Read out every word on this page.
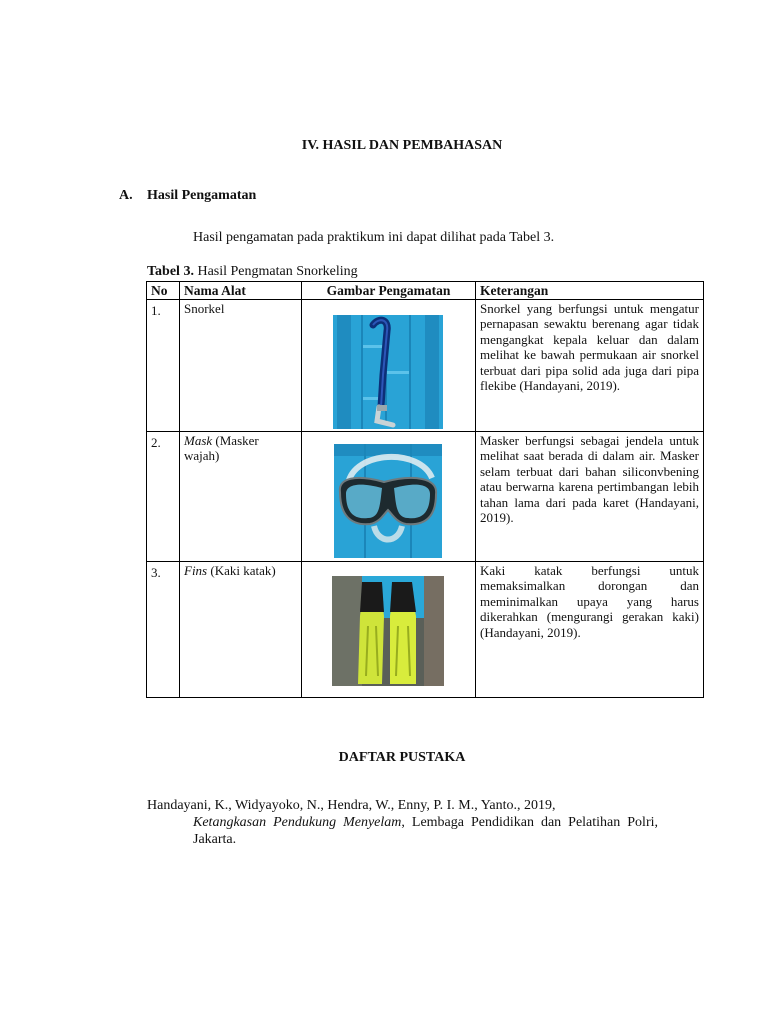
IV. HASIL DAN PEMBAHASAN
A. Hasil Pengamatan
Hasil pengamatan pada praktikum ini dapat dilihat pada Tabel 3.
Tabel 3. Hasil Pengmatan Snorkeling
No	Nama Alat	Gambar Pengamatan	Keterangan
1.	Snorkel		Snorkel yang berfungsi untuk mengatur pernapasan sewaktu berenang agar tidak mengangkat kepala keluar dan dalam melihat ke bawah permukaan air snorkel terbuat dari pipa solid ada juga dari pipa flekibe (Handayani, 2019).
2.	Mask (Masker wajah)		Masker berfungsi sebagai jendela untuk melihat saat berada di dalam air. Masker selam terbuat dari bahan siliconvbening atau berwarna karena pertimbangan lebih tahan lama dari pada karet (Handayani, 2019).
3.	Fins (Kaki katak)		Kaki katak berfungsi untuk memaksimalkan dorongan dan meminimalkan upaya yang harus dikerahkan (mengurangi gerakan kaki) (Handayani, 2019).
DAFTAR PUSTAKA
Handayani, K., Widyayoko, N., Hendra, W., Enny, P. I. M., Yanto., 2019,
Ketangkasan Pendukung Menyelam, Lembaga Pendidikan dan Pelatihan Polri, Jakarta.
